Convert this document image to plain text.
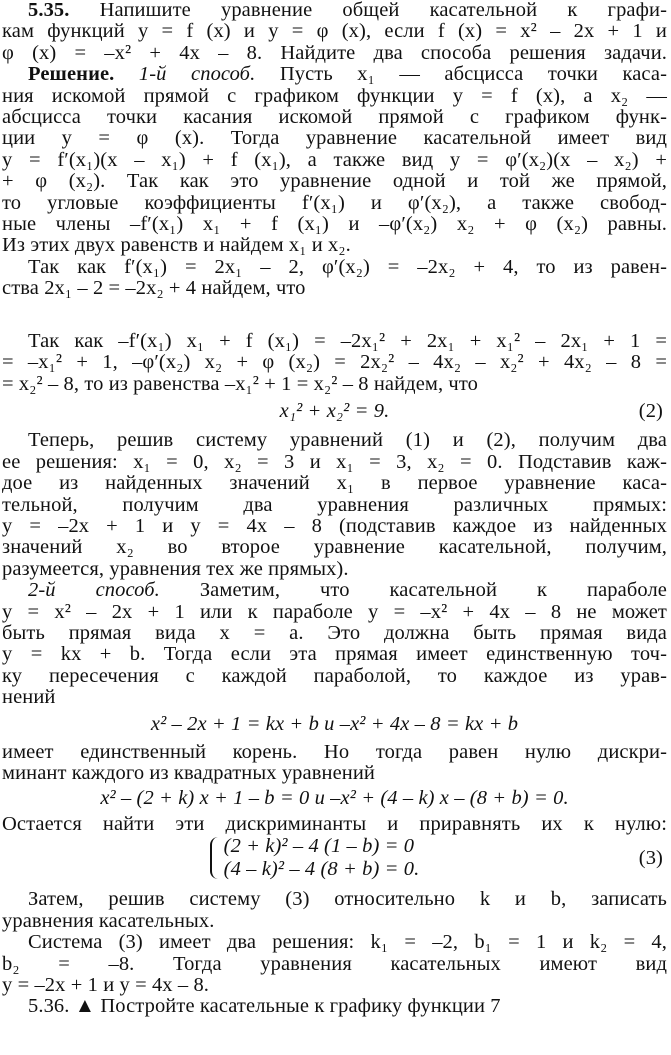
5.35. Напишите уравнение общей касательной к графи-
кам функций y = f (x) и y = φ (x), если f (x) = x² – 2x + 1 и
φ (x) = –x² + 4x – 8. Найдите два способа решения задачи.
Решение. 1-й способ. Пусть x₁ — абсцисса точки каса-
ния искомой прямой с графиком функции y = f (x), а x₂ —
абсцисса точки касания искомой прямой с графиком функ-
ции y = φ (x). Тогда уравнение касательной имеет вид
y = f′(x₁)(x – x₁) + f (x₁), а также вид y = φ′(x₂)(x – x₂) +
+ φ (x₂). Так как это уравнение одной и той же прямой,
то угловые коэффициенты f′(x₁) и φ′(x₂), а также свобод-
ные члены –f′(x₁) x₁ + f (x₁) и –φ′(x₂) x₂ + φ (x₂) равны.
Из этих двух равенств и найдем x₁ и x₂.
Так как f′(x₁) = 2x₁ – 2, φ′(x₂) = –2x₂ + 4, то из равен-
ства 2x₁ – 2 = –2x₂ + 4 найдем, что
Так как –f′(x₁) x₁ + f (x₁) = –2x₁² + 2x₁ + x₁² – 2x₁ + 1 =
= –x₁² + 1, –φ′(x₂) x₂ + φ (x₂) = 2x₂² – 4x₂ – x₂² + 4x₂ – 8 =
= x₂² – 8, то из равенства –x₁² + 1 = x₂² – 8 найдем, что
x₁² + x₂² = 9.	(2)
Теперь, решив систему уравнений (1) и (2), получим два
ее решения: x₁ = 0, x₂ = 3 и x₁ = 3, x₂ = 0. Подставив каж-
дое из найденных значений x₁ в первое уравнение каса-
тельной, получим два уравнения различных прямых:
y = –2x + 1 и y = 4x – 8 (подставив каждое из найденных
значений x₂ во второе уравнение касательной, получим,
разумеется, уравнения тех же прямых).
2-й способ. Заметим, что касательной к параболе
y = x² – 2x + 1 или к параболе y = –x² + 4x – 8 не может
быть прямая вида x = a. Это должна быть прямая вида
y = kx + b. Тогда если эта прямая имеет единственную точ-
ку пересечения с каждой параболой, то каждое из урав-
нений
x² – 2x + 1 = kx + b и –x² + 4x – 8 = kx + b
имеет единственный корень. Но тогда равен нулю дискри-
минант каждого из квадратных уравнений
x² – (2 + k) x + 1 – b = 0 и –x² + (4 – k) x – (8 + b) = 0.
Остается найти эти дискриминанты и приравнять их к нулю:
(2 + k)² – 4 (1 – b) = 0
(4 – k)² – 4 (8 + b) = 0.	(3)
Затем, решив систему (3) относительно k и b, записать
уравнения касательных.
Система (3) имеет два решения: k₁ = –2, b₁ = 1 и k₂ = 4,
b₂ = –8. Тогда уравнения касательных имеют вид
y = –2x + 1 и y = 4x – 8.
5.36. ▲ Постройте касательные к графику функции 7
